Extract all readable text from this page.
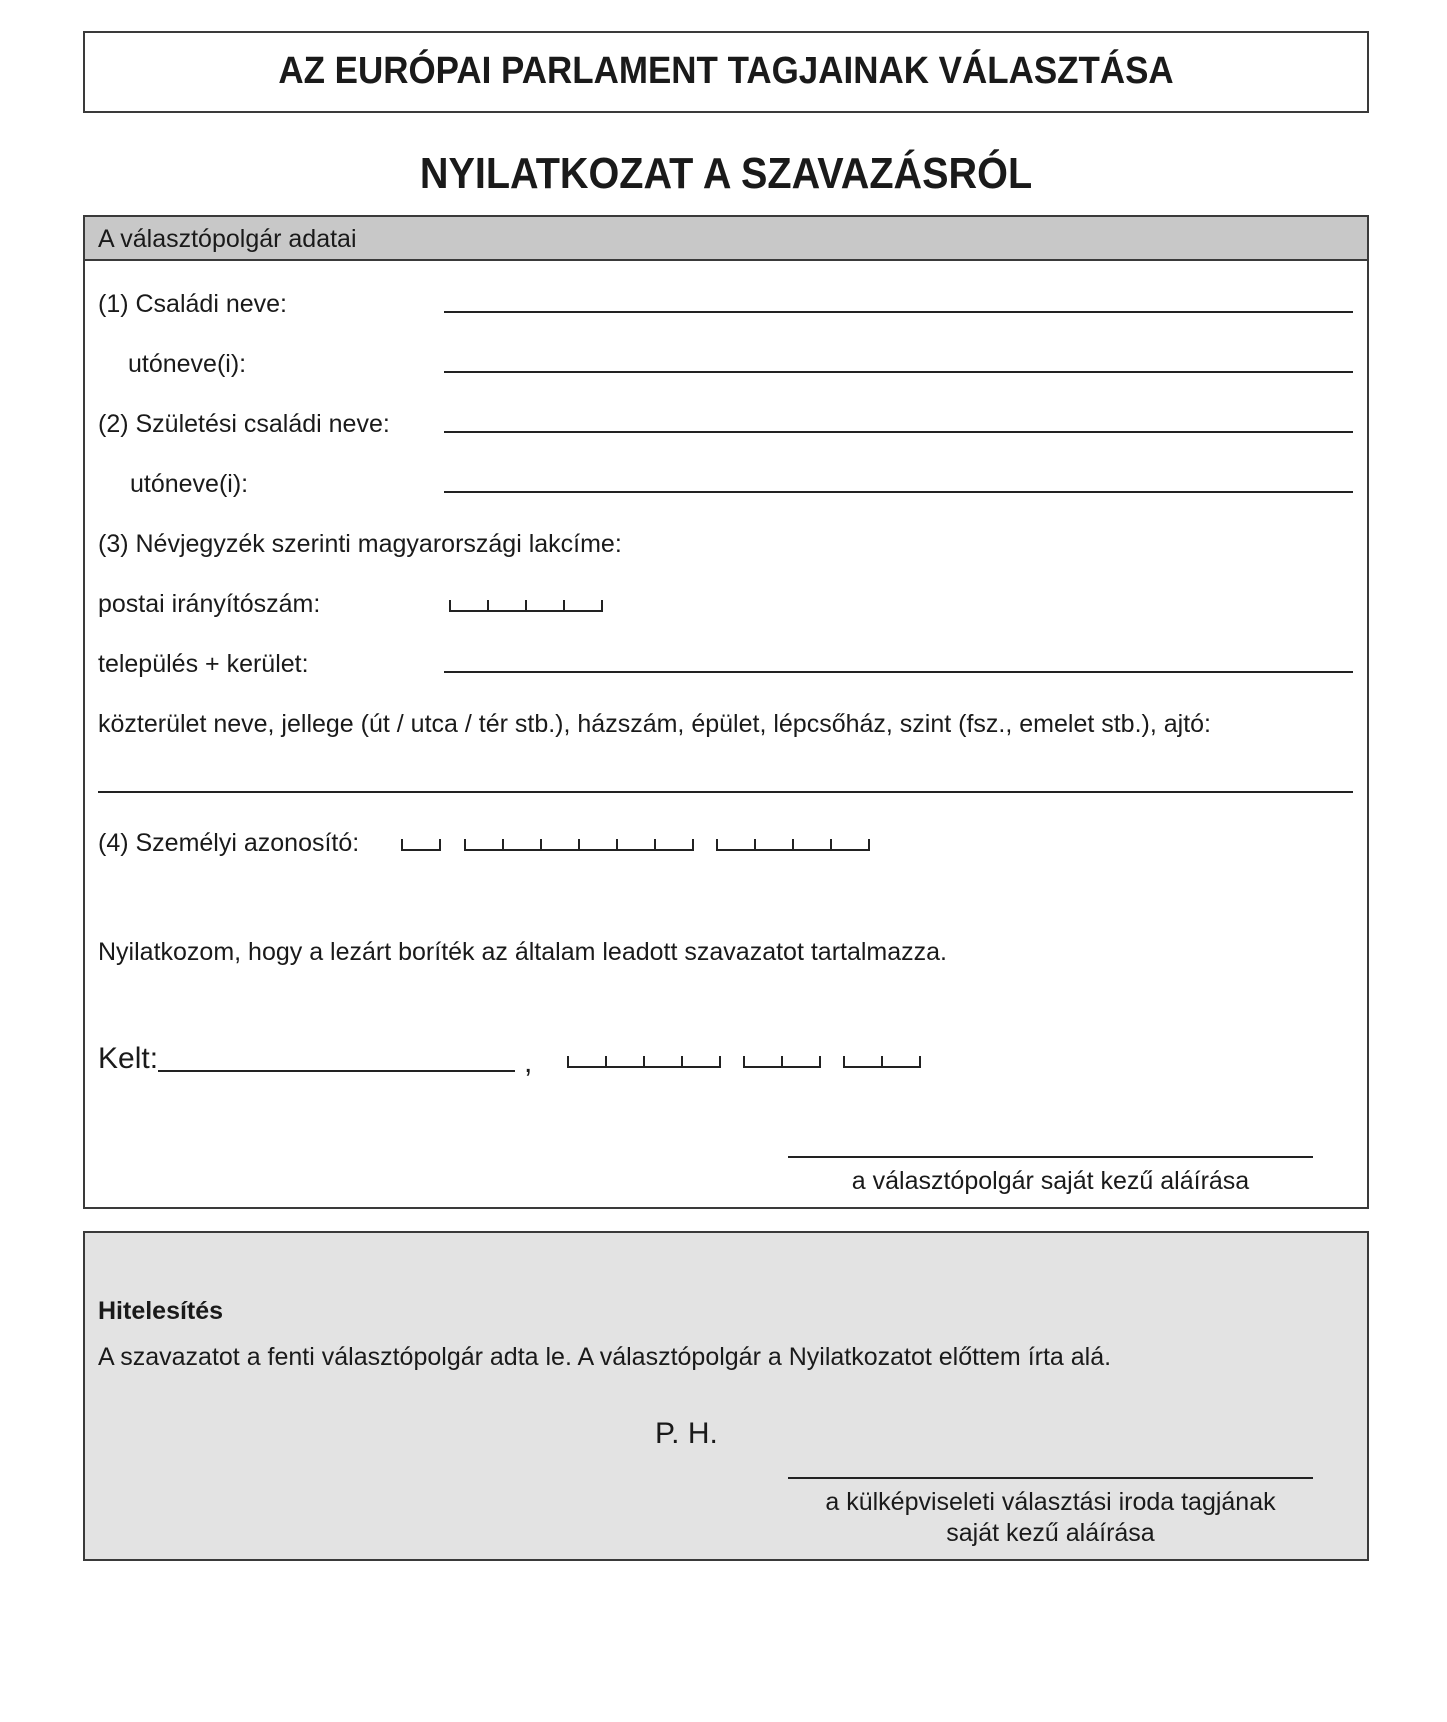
AZ EURÓPAI PARLAMENT TAGJAINAK VÁLASZTÁSA
NYILATKOZAT A SZAVAZÁSRÓL
A választópolgár adatai
(1) Családi neve:
utóneve(i):
(2) Születési családi neve:
utóneve(i):
(3) Névjegyzék szerinti magyarországi lakcíme:
postai irányítószám:
település + kerület:
közterület neve, jellege (út / utca / tér stb.), házszám, épület, lépcsőház, szint (fsz., emelet stb.), ajtó:
(4) Személyi azonosító:
Nyilatkozom, hogy a lezárt boríték az általam leadott szavazatot tartalmazza.
Kelt:	,
a választópolgár saját kezű aláírása
Hitelesítés
A szavazatot a fenti választópolgár adta le. A választópolgár a Nyilatkozatot előttem írta alá.
P. H.
a külképviseleti választási iroda tagjának
saját kezű aláírása
